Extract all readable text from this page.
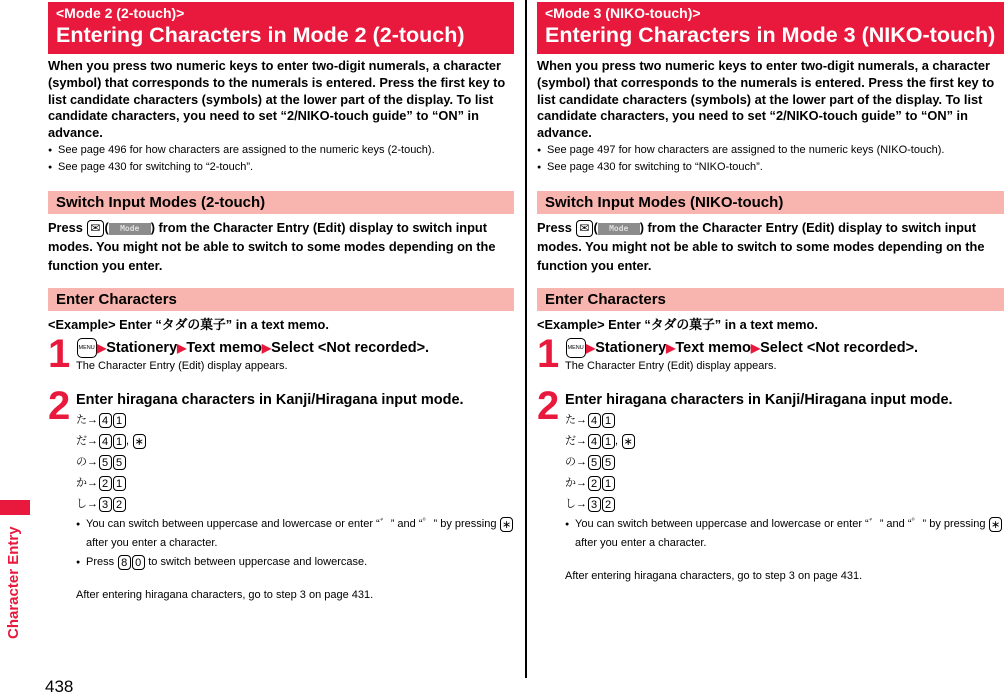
Character Entry
438
<Mode 2 (2-touch)>
Entering Characters in Mode 2 (2-touch)
When you press two numeric keys to enter two-digit numerals, a character (symbol) that corresponds to the numerals is entered. Press the first key to list candidate characters (symbols) at the lower part of the display. To list candidate characters, you need to set “2/NIKO-touch guide” to “ON” in advance.
● See page 496 for how characters are assigned to the numeric keys (2-touch).
● See page 430 for switching to “2-touch”.
Switch Input Modes (2-touch)
Press ✉ ( Mode ) from the Character Entry (Edit) display to switch input modes. You might not be able to switch to some modes depending on the function you enter.
Enter Characters
<Example> Enter “タダの菓子” in a text memo.
1	MENU ▶Stationery▶Text memo▶Select <Not recorded>.
The Character Entry (Edit) display appears.
2 Enter hiragana characters in Kanji/Hiragana input mode.
た→ 4 1
だ→ 4 1 , ∗
の→ 5 5
か→ 2 1
し→ 3 2
● You can switch between uppercase and lowercase or enter “゛” and “゜” by pressing ∗ after you enter a character.
● Press 8 0 to switch between uppercase and lowercase.
After entering hiragana characters, go to step 3 on page 431.
<Mode 3 (NIKO-touch)>
Entering Characters in Mode 3 (NIKO-touch)
When you press two numeric keys to enter two-digit numerals, a character (symbol) that corresponds to the numerals is entered. Press the first key to list candidate characters (symbols) at the lower part of the display. To list candidate characters, you need to set “2/NIKO-touch guide” to “ON” in advance.
● See page 497 for how characters are assigned to the numeric keys (NIKO-touch).
● See page 430 for switching to “NIKO-touch”.
Switch Input Modes (NIKO-touch)
Press ✉ ( Mode ) from the Character Entry (Edit) display to switch input modes. You might not be able to switch to some modes depending on the function you enter.
Enter Characters
<Example> Enter “タダの菓子” in a text memo.
1	MENU ▶Stationery▶Text memo▶Select <Not recorded>.
The Character Entry (Edit) display appears.
2 Enter hiragana characters in Kanji/Hiragana input mode.
た→ 4 1
だ→ 4 1 , ∗
の→ 5 5
か→ 2 1
し→ 3 2
● You can switch between uppercase and lowercase or enter “゛” and “゜” by pressing ∗ after you enter a character.
After entering hiragana characters, go to step 3 on page 431.
